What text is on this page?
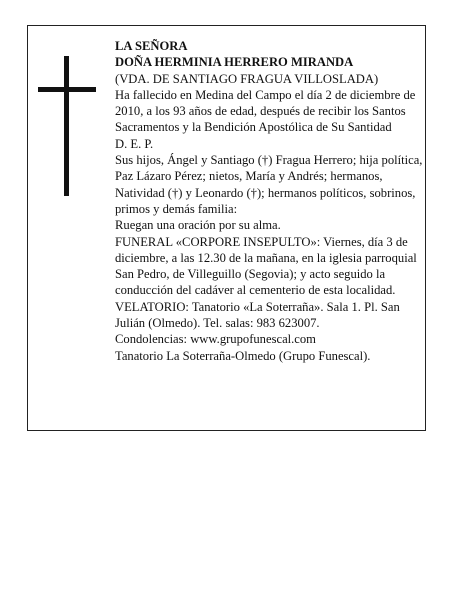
LA SEÑORA

DOÑA HERMINIA HERRERO MIRANDA

(VDA. DE SANTIAGO FRAGUA VILLOSLADA)

Ha fallecido en Medina del Campo el día 2 de diciembre de 2010, a los 93 años de edad, después de recibir los Santos Sacramentos y la Bendición Apostólica de Su Santidad

D. E. P.

Sus hijos, Ángel y Santiago (†) Fragua Herrero; hija política, Paz Lázaro Pérez; nietos, María y Andrés; hermanos, Natividad (†) y Leonardo (†); hermanos políticos, sobrinos, primos y demás familia:

Ruegan una oración por su alma.

FUNERAL «CORPORE INSEPULTO»: Viernes, día 3 de diciembre, a las 12.30 de la mañana, en la iglesia parroquial San Pedro, de Villeguillo (Segovia); y acto seguido la conducción del cadáver al cementerio de esta localidad.

VELATORIO: Tanatorio «La Soterraña». Sala 1. Pl. San Julián (Olmedo). Tel. salas: 983 623007.

Condolencias: www.grupofunescal.com

Tanatorio La Soterraña-Olmedo (Grupo Funescal).
